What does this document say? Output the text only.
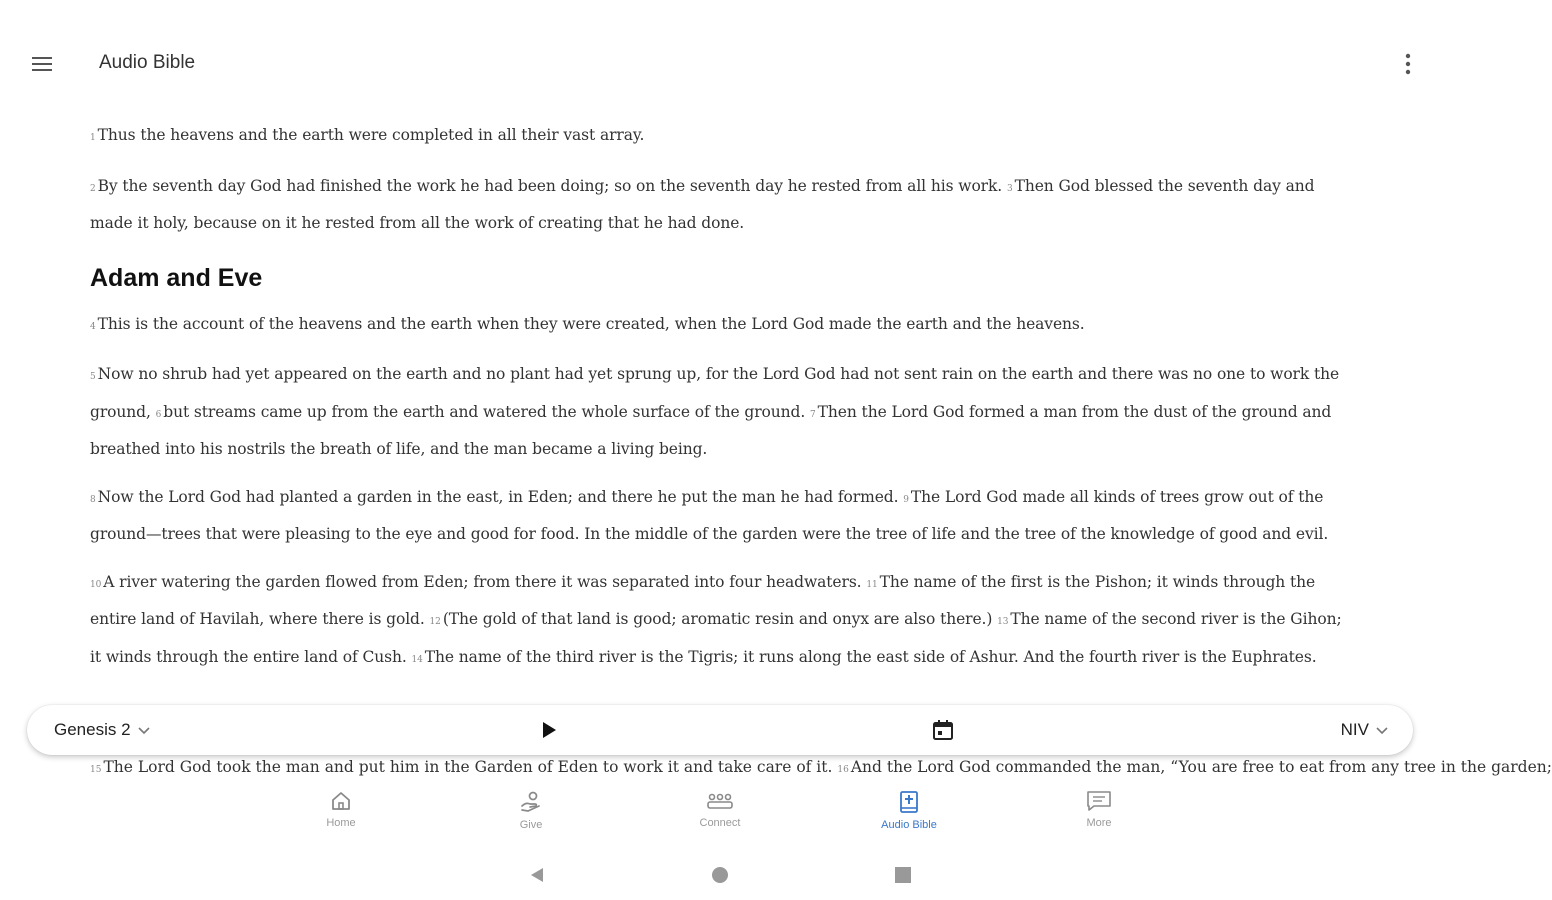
Audio Bible

1 Thus the heavens and the earth were completed in all their vast array.

2 By the seventh day God had finished the work he had been doing; so on the seventh day he rested from all his work. 3 Then God blessed the seventh day and made it holy, because on it he rested from all the work of creating that he had done.

Adam and Eve

4 This is the account of the heavens and the earth when they were created, when the Lord God made the earth and the heavens.

5 Now no shrub had yet appeared on the earth and no plant had yet sprung up, for the Lord God had not sent rain on the earth and there was no one to work the ground, 6 but streams came up from the earth and watered the whole surface of the ground. 7 Then the Lord God formed a man from the dust of the ground and breathed into his nostrils the breath of life, and the man became a living being.

8 Now the Lord God had planted a garden in the east, in Eden; and there he put the man he had formed. 9 The Lord God made all kinds of trees grow out of the ground—trees that were pleasing to the eye and good for food. In the middle of the garden were the tree of life and the tree of the knowledge of good and evil.

10 A river watering the garden flowed from Eden; from there it was separated into four headwaters. 11 The name of the first is the Pishon; it winds through the entire land of Havilah, where there is gold. 12 (The gold of that land is good; aromatic resin and onyx are also there.) 13 The name of the second river is the Gihon; it winds through the entire land of Cush. 14 The name of the third river is the Tigris; it runs along the east side of Ashur. And the fourth river is the Euphrates.

15 The Lord God took the man and put him in the Garden of Eden to work it and take care of it. 16 And the Lord God commanded the man, “You are free to eat from any tree in the garden;
Genesis 2	NIV
Home	Give	Connect	Audio Bible	More
